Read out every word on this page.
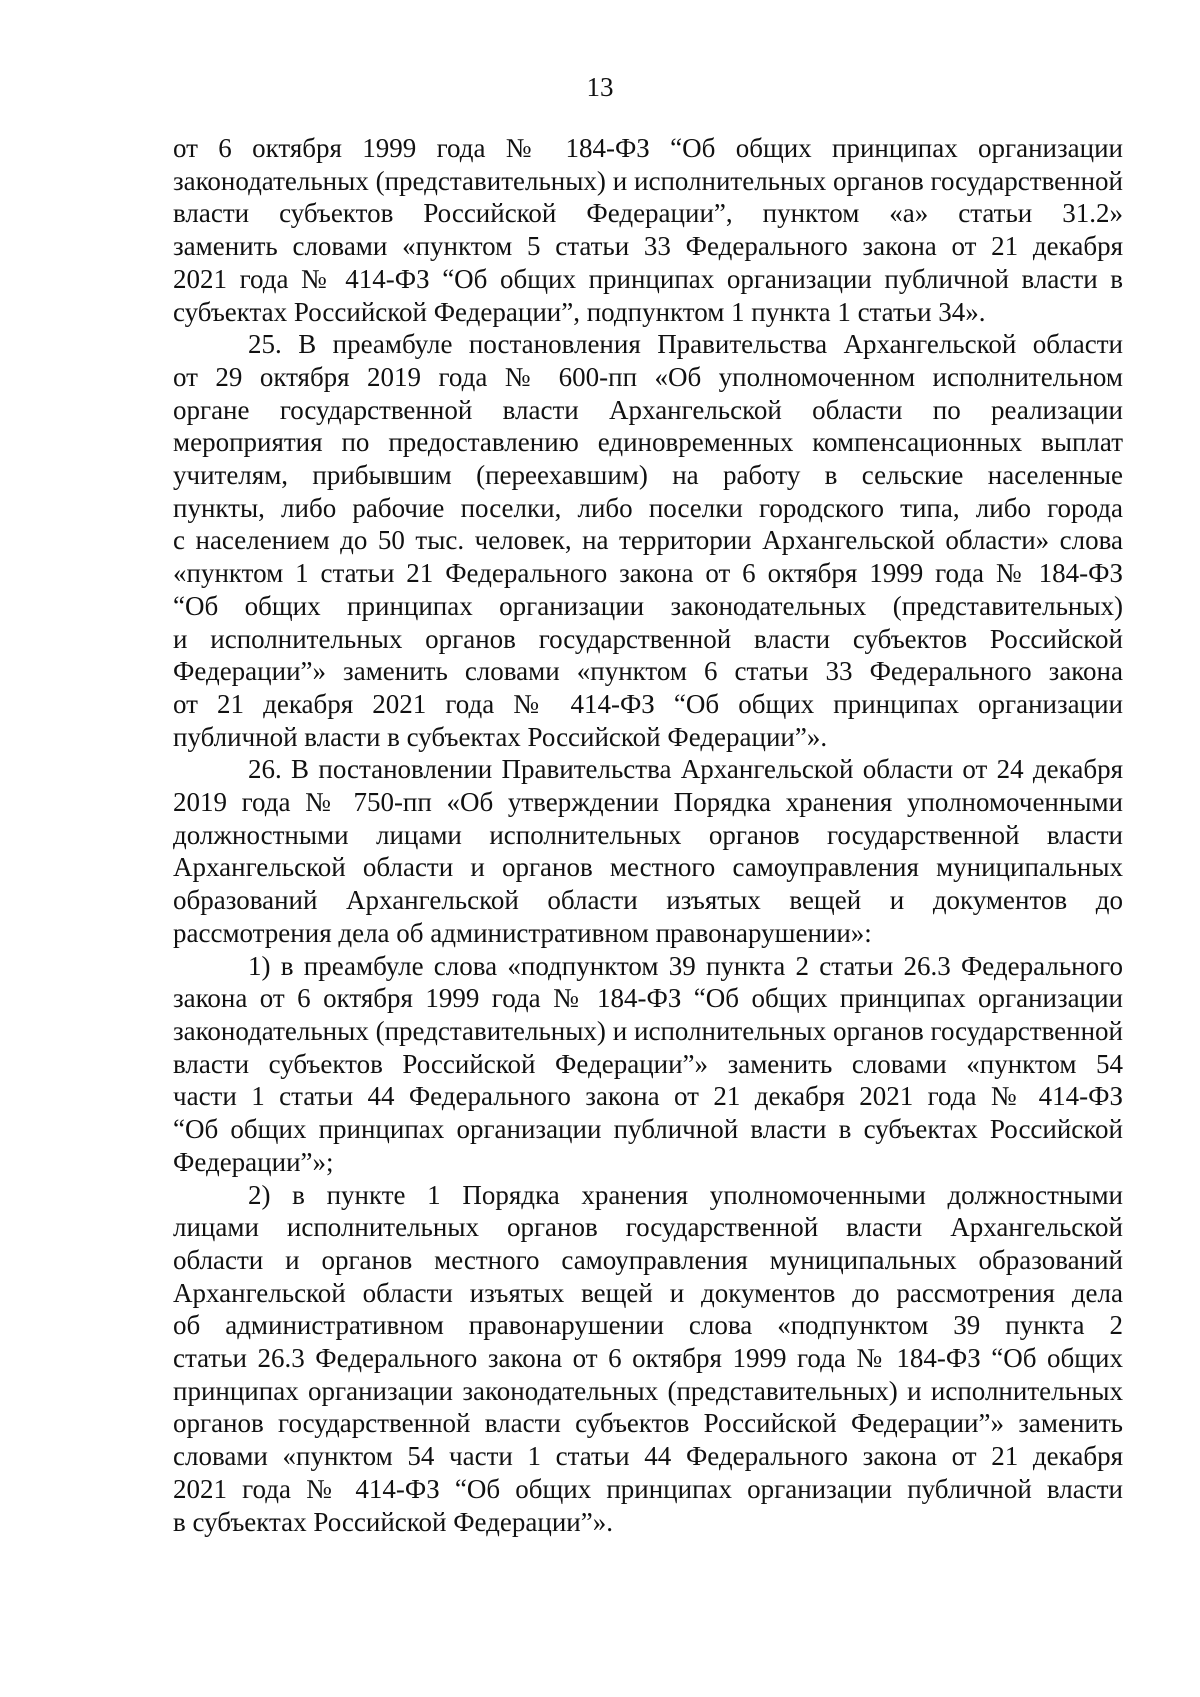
13

от 6 октября 1999 года № 184-ФЗ “Об общих принципах организации
законодательных (представительных) и исполнительных органов государственной
власти субъектов Российской Федерации”, пунктом «а» статьи 31.2»
заменить словами «пунктом 5 статьи 33 Федерального закона от 21 декабря
2021 года № 414-ФЗ “Об общих принципах организации публичной власти в
субъектах Российской Федерации”, подпунктом 1 пункта 1 статьи 34».

25. В преамбуле постановления Правительства Архангельской области
от 29 октября 2019 года № 600-пп «Об уполномоченном исполнительном
органе государственной власти Архангельской области по реализации
мероприятия по предоставлению единовременных компенсационных выплат
учителям, прибывшим (переехавшим) на работу в сельские населенные
пункты, либо рабочие поселки, либо поселки городского типа, либо города
с населением до 50 тыс. человек, на территории Архангельской области» слова
«пунктом 1 статьи 21 Федерального закона от 6 октября 1999 года № 184-ФЗ
“Об общих принципах организации законодательных (представительных)
и исполнительных органов государственной власти субъектов Российской
Федерации”» заменить словами «пунктом 6 статьи 33 Федерального закона
от 21 декабря 2021 года № 414-ФЗ “Об общих принципах организации
публичной власти в субъектах Российской Федерации”».

26. В постановлении Правительства Архангельской области от 24 декабря
2019 года № 750-пп «Об утверждении Порядка хранения уполномоченными
должностными лицами исполнительных органов государственной власти
Архангельской области и органов местного самоуправления муниципальных
образований Архангельской области изъятых вещей и документов до
рассмотрения дела об административном правонарушении»:

1) в преамбуле слова «подпунктом 39 пункта 2 статьи 26.3 Федерального
закона от 6 октября 1999 года № 184-ФЗ “Об общих принципах организации
законодательных (представительных) и исполнительных органов государственной
власти субъектов Российской Федерации”» заменить словами «пунктом 54
части 1 статьи 44 Федерального закона от 21 декабря 2021 года № 414-ФЗ
“Об общих принципах организации публичной власти в субъектах Российской
Федерации”»;

2) в пункте 1 Порядка хранения уполномоченными должностными
лицами исполнительных органов государственной власти Архангельской
области и органов местного самоуправления муниципальных образований
Архангельской области изъятых вещей и документов до рассмотрения дела
об административном правонарушении слова «подпунктом 39 пункта 2
статьи 26.3 Федерального закона от 6 октября 1999 года № 184-ФЗ “Об общих
принципах организации законодательных (представительных) и исполнительных
органов государственной власти субъектов Российской Федерации”» заменить
словами «пунктом 54 части 1 статьи 44 Федерального закона от 21 декабря
2021 года № 414-ФЗ “Об общих принципах организации публичной власти
в субъектах Российской Федерации”».
